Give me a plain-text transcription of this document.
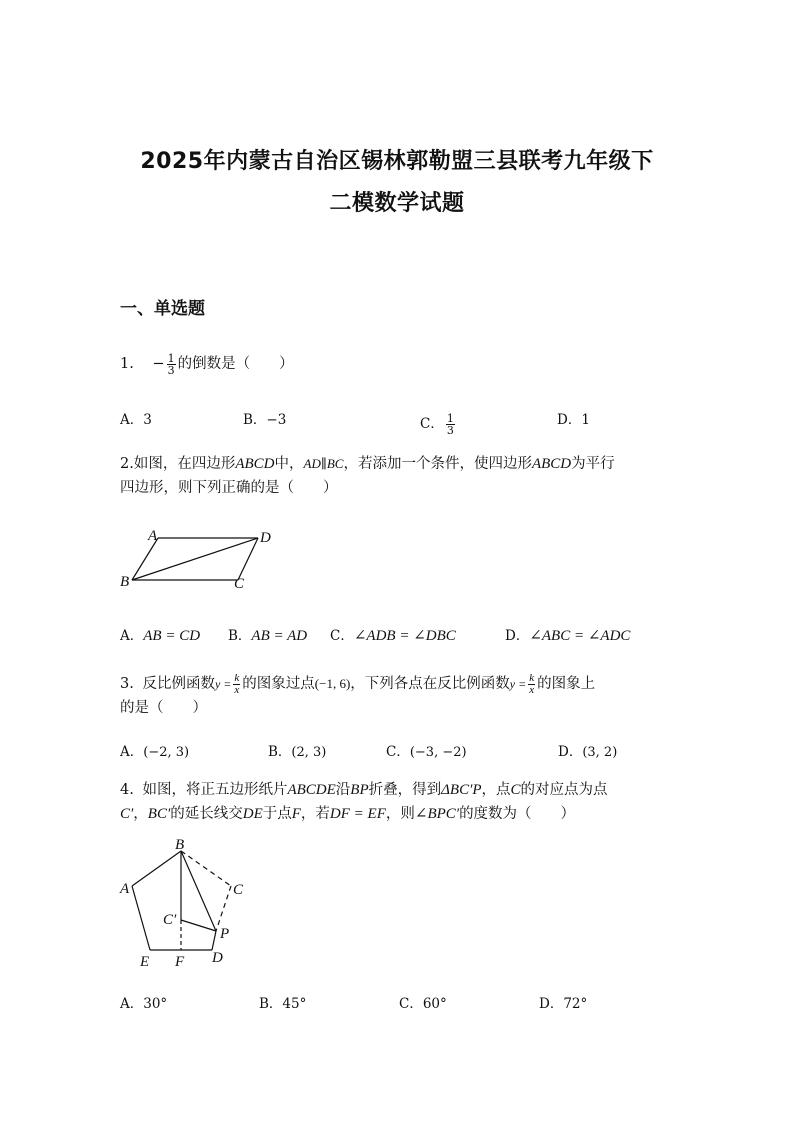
2025年内蒙古自治区锡林郭勒盟三县联考九年级下
二模数学试题
一、单选题
1. − $\frac{1}{3}$ 的倒数是（　　）
A．3	B．−3	C． $\frac{1}{3}$	D．1
2.如图，在四边形ABCD中，AD∥BC，若添加一个条件，使四边形ABCD为平行
四边形，则下列正确的是（　　）
A	D
B	C
A．AB = CD B．AB = AD C．∠ADB = ∠DBC	D．∠ABC = ∠ADC
3. 反比例函数$y = \frac{k}{x}$ 的图象过点(−1, 6)，下列各点在反比例函数$y = \frac{k}{x}$ 的图象上
的是（　　）
A．(−2, 3)	B．(2, 3)	C．(−3, −2)	D．(3, 2)
4. 如图，将正五边形纸片ABCDE沿BP折叠，得到ΔBC′P，点C的对应点为点
C′，BC′的延长线交DE于点F，若DF = EF，则∠BPC′的度数为（　　）
B
A	C
C′
P
D
E F
A．30°	B．45°	C．60°	D．72°
